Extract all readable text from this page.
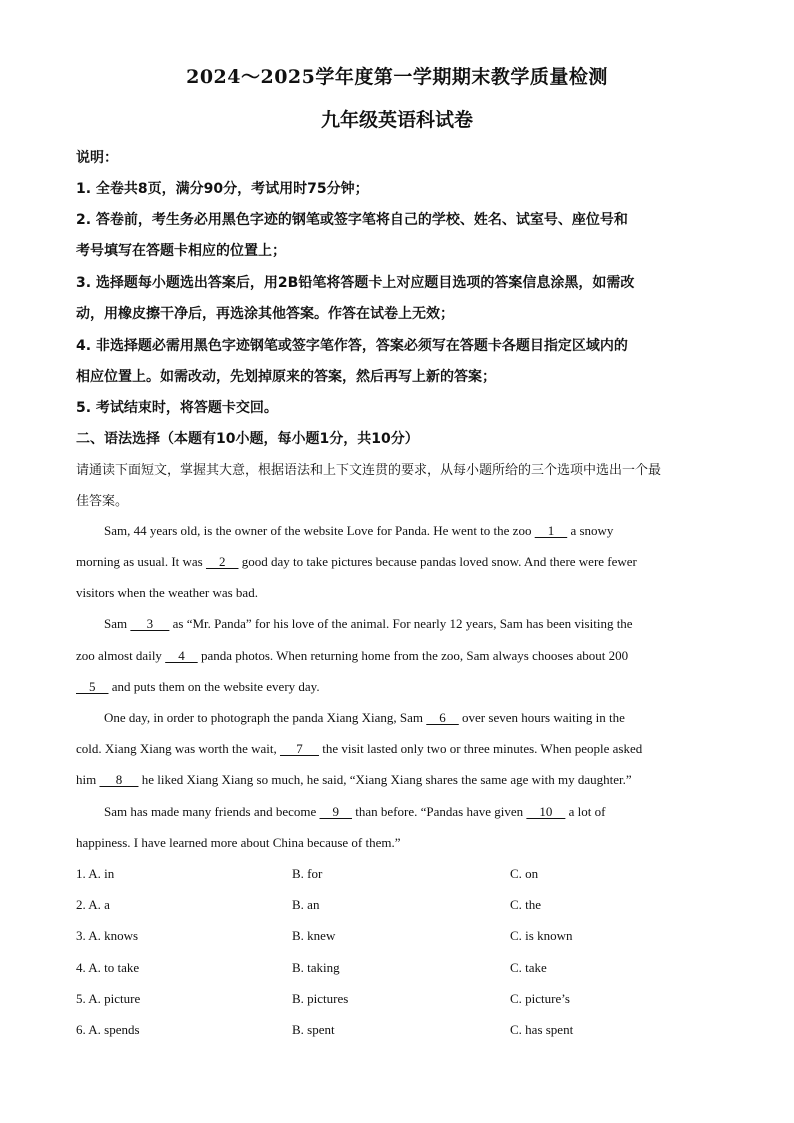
2024～2025学年度第一学期期末教学质量检测
九年级英语科试卷
说明：
1. 全卷共8页，满分90分，考试用时75分钟；
2. 答卷前，考生务必用黑色字迹的钢笔或签字笔将自己的学校、姓名、试室号、座位号和
考号填写在答题卡相应的位置上；
3. 选择题每小题选出答案后，用2B铅笔将答题卡上对应题目选项的答案信息涂黑，如需改
动，用橡皮擦干净后，再选涂其他答案。作答在试卷上无效；
4. 非选择题必需用黑色字迹钢笔或签字笔作答，答案必须写在答题卡各题目指定区域内的
相应位置上。如需改动，先划掉原来的答案，然后再写上新的答案；
5. 考试结束时，将答题卡交回。
二、语法选择（本题有10小题，每小题1分，共10分）
请通读下面短文，掌握其大意，根据语法和上下文连贯的要求，从每小题所给的三个选项中选出一个最
佳答案。
Sam, 44 years old, is the owner of the website Love for Panda. He went to the zoo     1     a snowy
morning as usual. It was     2     good day to take pictures because pandas loved snow. And there were fewer
visitors when the weather was bad.
Sam      3      as “Mr. Panda” for his love of the animal. For nearly 12 years, Sam has been visiting the
zoo almost daily     4     panda photos. When returning home from the zoo, Sam always chooses about 200
5     and puts them on the website every day.
One day, in order to photograph the panda Xiang Xiang, Sam     6     over seven hours waiting in the
cold. Xiang Xiang was worth the wait,      7      the visit lasted only two or three minutes. When people asked
him      8      he liked Xiang Xiang so much, he said, “Xiang Xiang shares the same age with my daughter.”
Sam has made many friends and become     9     than before. “Pandas have given     10     a lot of
happiness. I have learned more about China because of them.”
1. A. in	B. for	C. on
2. A. a	B. an	C. the
3. A. knows	B. knew	C. is known
4. A. to take	B. taking	C. take
5. A. picture	B. pictures	C. picture’s
6. A. spends	B. spent	C. has spent
